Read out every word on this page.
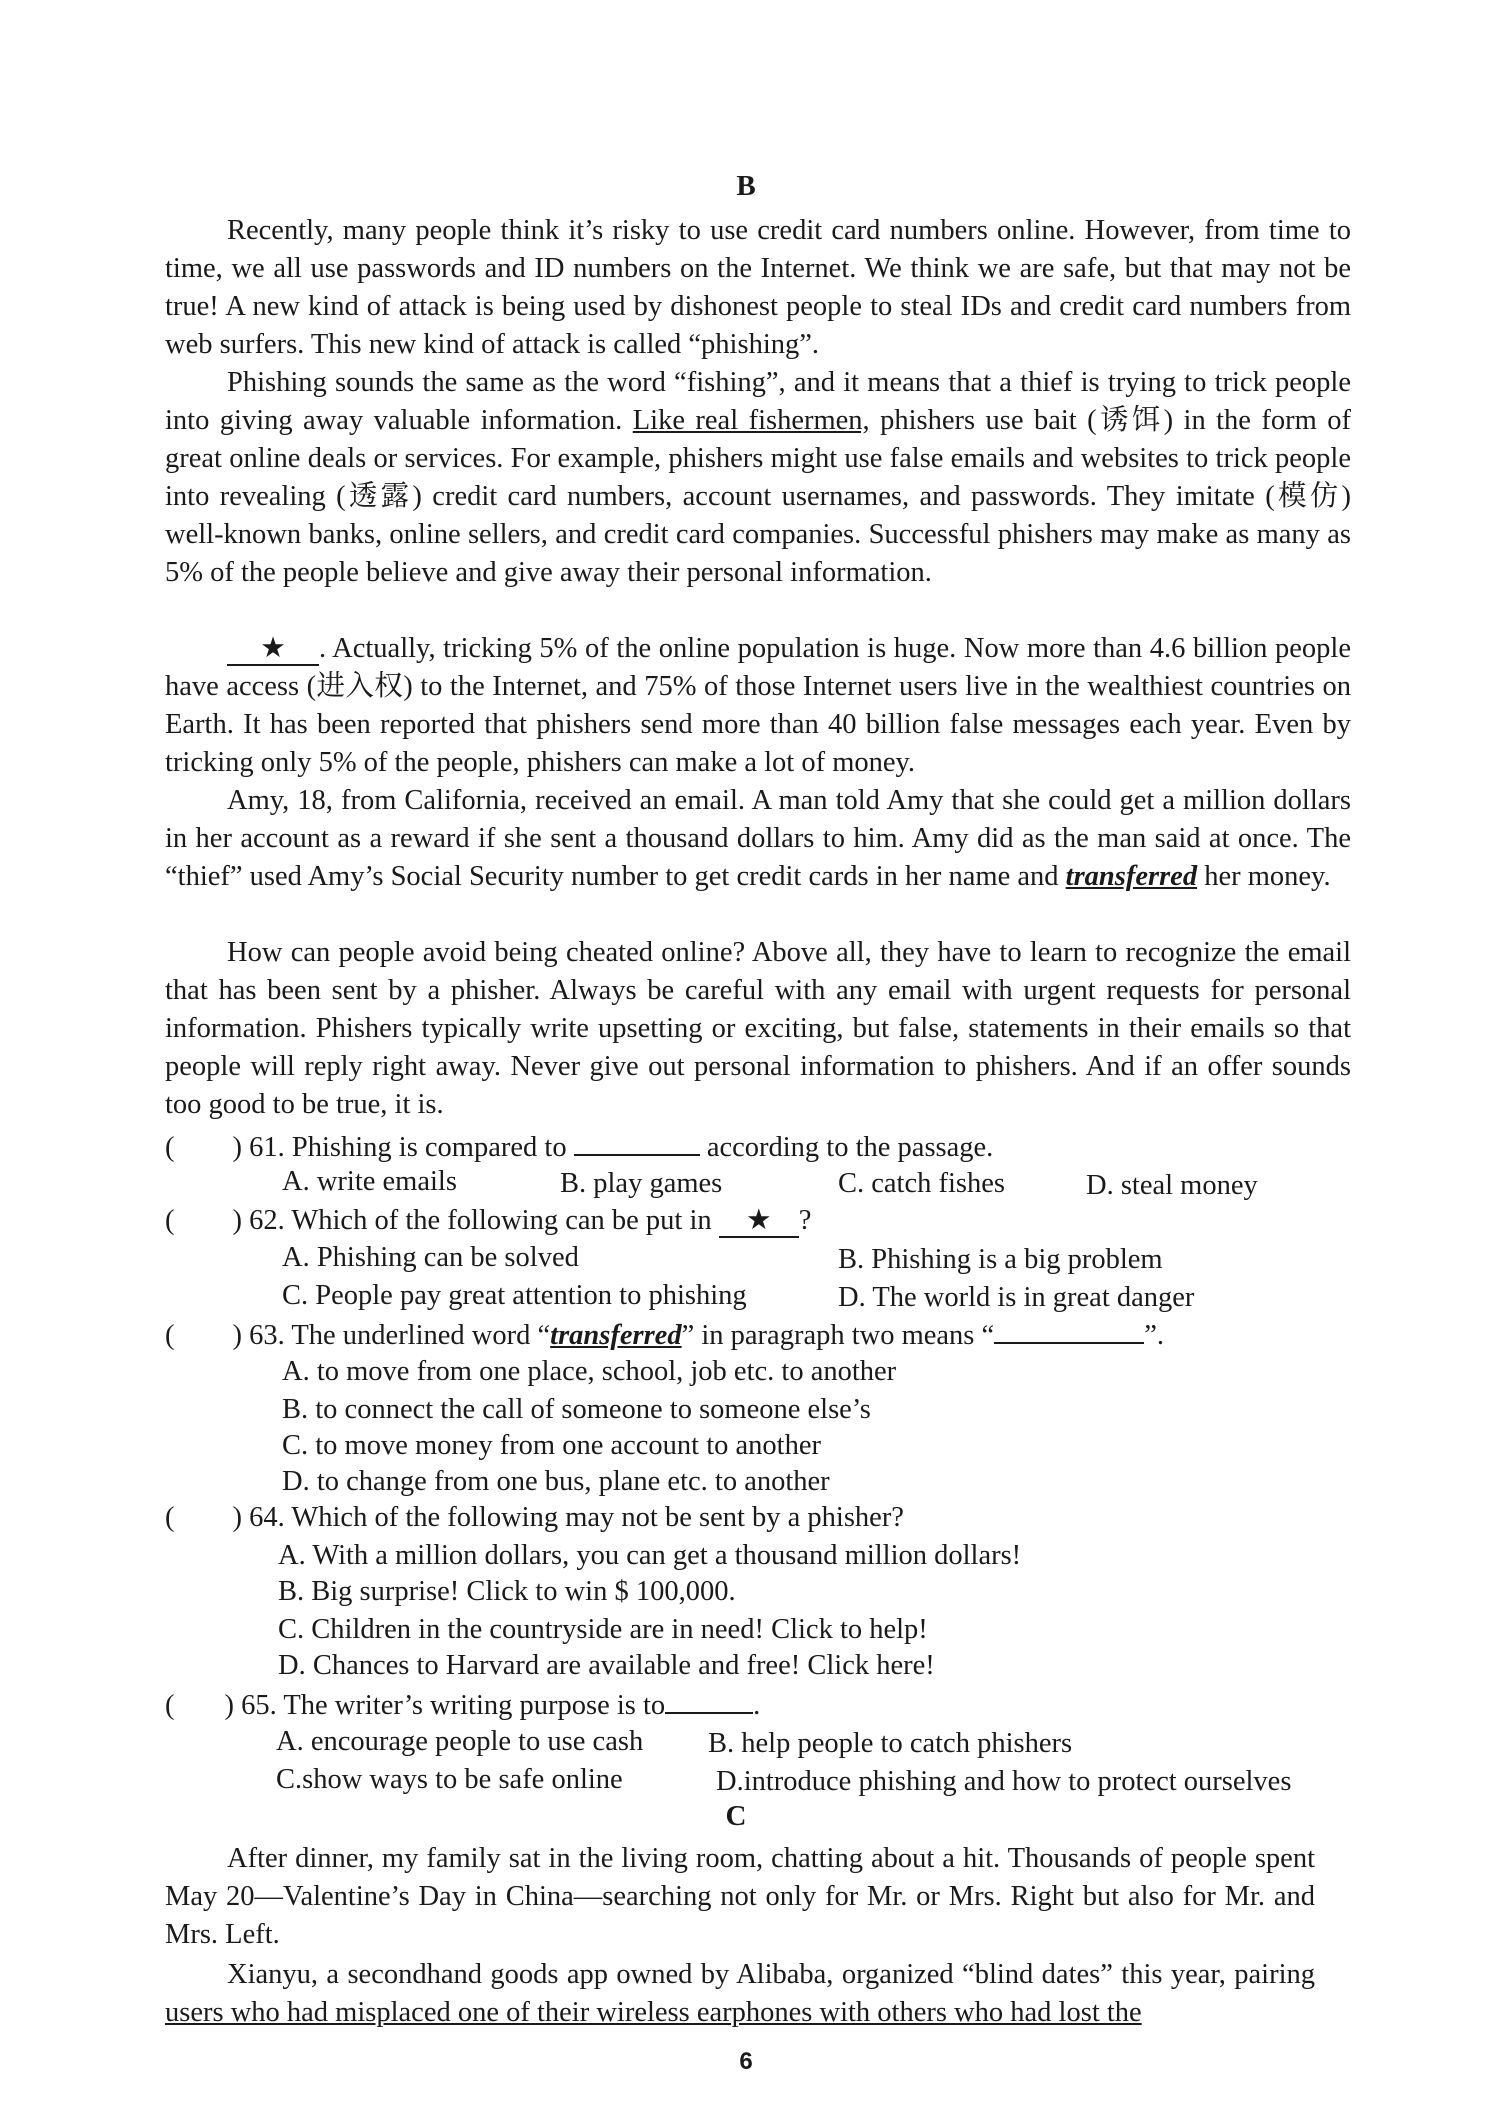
B

Recently, many people think it’s risky to use credit card numbers online. However, from time to time, we all use passwords and ID numbers on the Internet. We think we are safe, but that may not be true! A new kind of attack is being used by dishonest people to steal IDs and credit card numbers from web surfers. This new kind of attack is called “phishing”.

Phishing sounds the same as the word “fishing”, and it means that a thief is trying to trick people into giving away valuable information. Like real fishermen, phishers use bait (诱饵) in the form of great online deals or services. For example, phishers might use false emails and websites to trick people into revealing (透露) credit card numbers, account usernames, and passwords. They imitate (模仿) well-known banks, online sellers, and credit card companies. Successful phishers may make as many as 5% of the people believe and give away their personal information.

★ . Actually, tricking 5% of the online population is huge. Now more than 4.6 billion people have access (进入权) to the Internet, and 75% of those Internet users live in the wealthiest countries on Earth. It has been reported that phishers send more than 40 billion false messages each year. Even by tricking only 5% of the people, phishers can make a lot of money.

Amy, 18, from California, received an email. A man told Amy that she could get a million dollars in her account as a reward if she sent a thousand dollars to him. Amy did as the man said at once. The “thief” used Amy’s Social Security number to get credit cards in her name and transferred her money.

How can people avoid being cheated online? Above all, they have to learn to recognize the email that has been sent by a phisher. Always be careful with any email with urgent requests for personal information. Phishers typically write upsetting or exciting, but false, statements in their emails so that people will reply right away. Never give out personal information to phishers. And if an offer sounds too good to be true, it is.

( ) 61. Phishing is compared to	according to the passage.
A. write emails	B. play games	C. catch fishes	D. steal money
( ) 62. Which of the following can be put in ★ ?
A. Phishing can be solved	B. Phishing is a big problem
C. People pay great attention to phishing	D. The world is in great danger
( ) 63. The underlined word “transferred” in paragraph two means “	”.
A. to move from one place, school, job etc. to another
B. to connect the call of someone to someone else’s
C. to move money from one account to another
D. to change from one bus, plane etc. to another
( ) 64. Which of the following may not be sent by a phisher?
A. With a million dollars, you can get a thousand million dollars!
B. Big surprise! Click to win $ 100,000.
C. Children in the countryside are in need! Click to help!
D. Chances to Harvard are available and free! Click here!
( ) 65. The writer’s writing purpose is to	.
A. encourage people to use cash B. help people to catch phishers
C.show ways to be safe online	D.introduce phishing and how to protect ourselves
C

After dinner, my family sat in the living room, chatting about a hit. Thousands of people spent May 20—Valentine’s Day in China—searching not only for Mr. or Mrs. Right but also for Mr. and Mrs. Left.

Xianyu, a secondhand goods app owned by Alibaba, organized “blind dates” this year, pairing users who had misplaced one of their wireless earphones with others who had lost the

6
